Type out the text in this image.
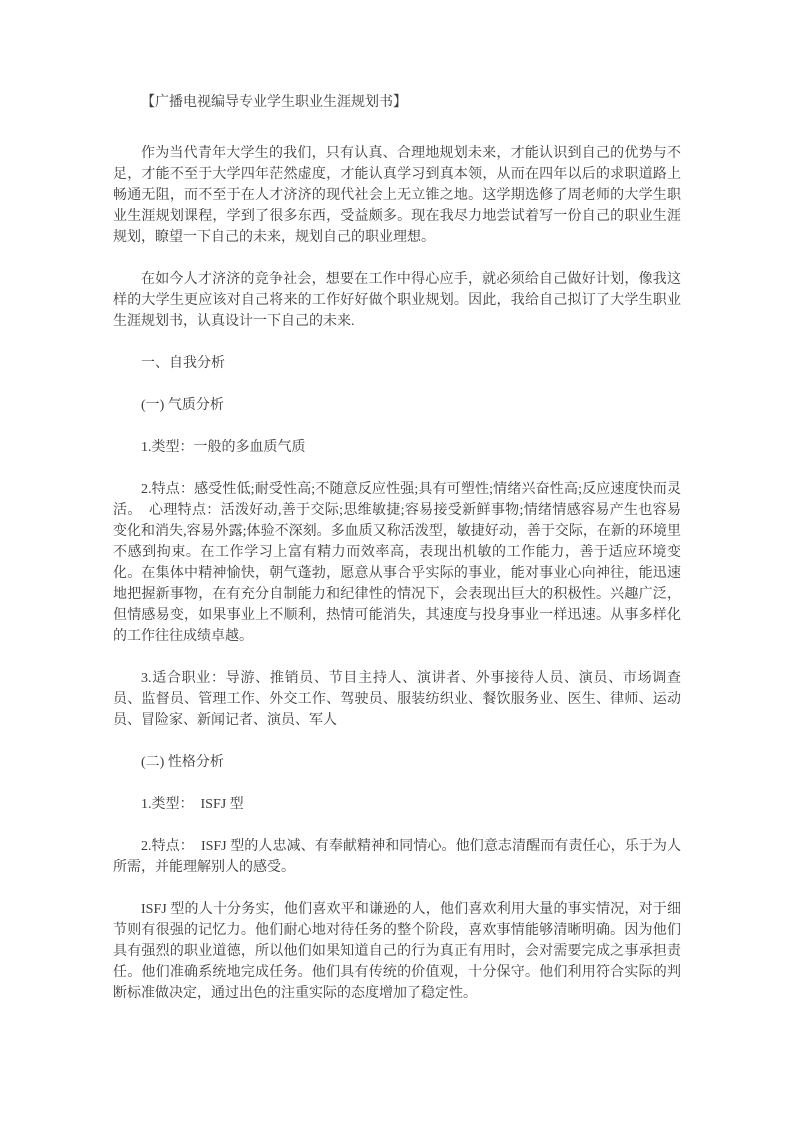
【广播电视编导专业学生职业生涯规划书】

作为当代青年大学生的我们，只有认真、合理地规划未来，才能认识到自己的优势与不足，才能不至于大学四年茫然虚度，才能认真学习到真本领，从而在四年以后的求职道路上畅通无阻，而不至于在人才济济的现代社会上无立锥之地。这学期选修了周老师的大学生职业生涯规划课程，学到了很多东西，受益颇多。现在我尽力地尝试着写一份自己的职业生涯规划，瞭望一下自己的未来，规划自己的职业理想。

在如今人才济济的竞争社会，想要在工作中得心应手，就必须给自己做好计划，像我这样的大学生更应该对自己将来的工作好好做个职业规划。因此，我给自己拟订了大学生职业生涯规划书，认真设计一下自己的未来.

一、自我分析
(一) 气质分析

1.类型：一般的多血质气质

2.特点：感受性低;耐受性高;不随意反应性强;具有可塑性;情绪兴奋性高;反应速度快而灵活。　心理特点：活泼好动,善于交际;思维敏捷;容易接受新鲜事物;情绪情感容易产生也容易变化和消失,容易外露;体验不深刻。多血质又称活泼型，敏捷好动，善于交际，在新的环境里不感到拘束。在工作学习上富有精力而效率高，表现出机敏的工作能力，善于适应环境变化。在集体中精神愉快，朝气蓬勃，愿意从事合乎实际的事业，能对事业心向神往，能迅速地把握新事物，在有充分自制能力和纪律性的情况下，会表现出巨大的积极性。兴趣广泛，但情感易变，如果事业上不顺利，热情可能消失，其速度与投身事业一样迅速。从事多样化的工作往往成绩卓越。

3.适合职业：导游、推销员、节目主持人、演讲者、外事接待人员、演员、市场调查员、监督员、管理工作、外交工作、驾驶员、服装纺织业、餐饮服务业、医生、律师、运动员、冒险家、新闻记者、演员、军人

(二) 性格分析

1.类型：　ISFJ 型

2.特点：　ISFJ 型的人忠减、有奉献精神和同情心。他们意志清醒而有责任心，乐于为人所需，并能理解别人的感受。

ISFJ 型的人十分务实，他们喜欢平和谦逊的人，他们喜欢利用大量的事实情况，对于细节则有很强的记忆力。他们耐心地对待任务的整个阶段，喜欢事情能够清晰明确。因为他们具有强烈的职业道德，所以他们如果知道自己的行为真正有用时，会对需要完成之事承担责任。他们准确系统地完成任务。他们具有传统的价值观，十分保守。他们利用符合实际的判断标准做决定，通过出色的注重实际的态度增加了稳定性。
